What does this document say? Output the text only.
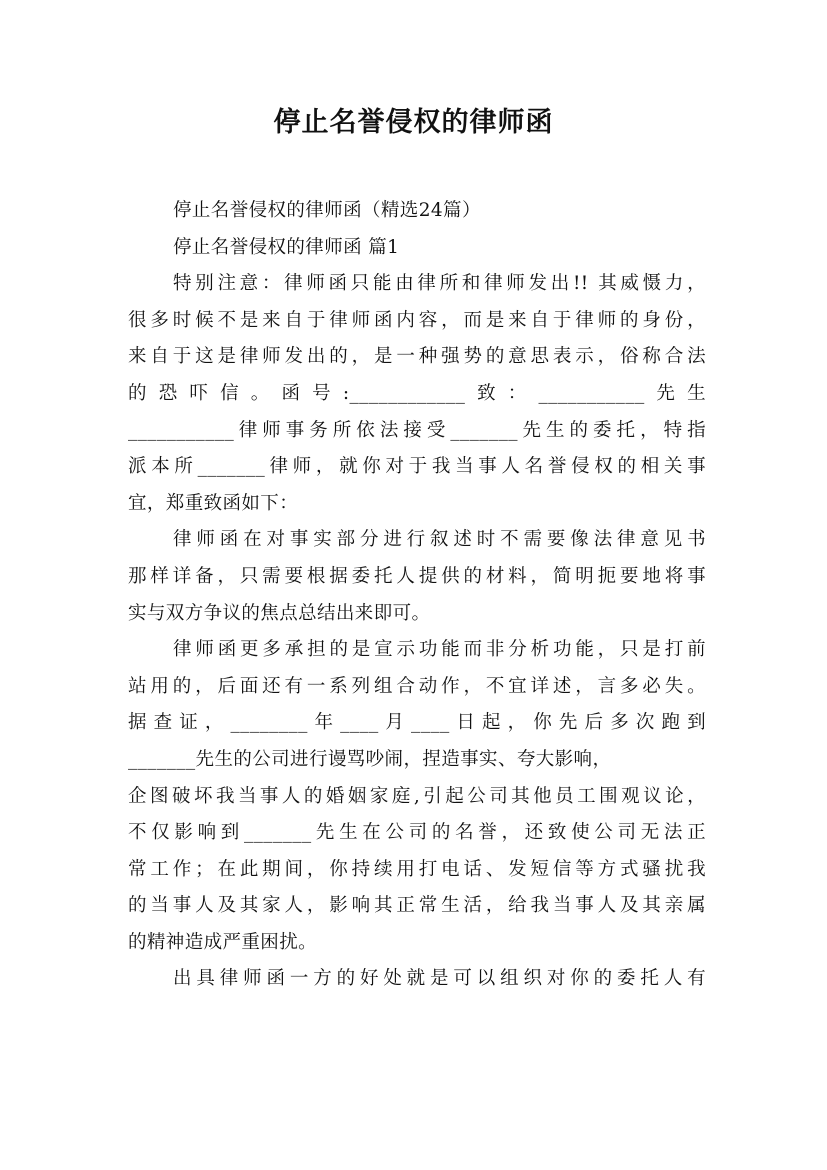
停止名誉侵权的律师函
停止名誉侵权的律师函（精选24篇）
停止名誉侵权的律师函 篇1
特别注意：律师函只能由律所和律师发出!! 其威慑力，
很多时候不是来自于律师函内容，而是来自于律师的身份，
来自于这是律师发出的，是一种强势的意思表示，俗称合法
的恐吓信。函号:____________致：___________先生
___________律师事务所依法接受_______先生的委托，特指
派本所_______律师，就你对于我当事人名誉侵权的相关事
宜，郑重致函如下：
律师函在对事实部分进行叙述时不需要像法律意见书
那样详备，只需要根据委托人提供的材料，简明扼要地将事
实与双方争议的焦点总结出来即可。
律师函更多承担的是宣示功能而非分析功能，只是打前
站用的，后面还有一系列组合动作，不宜详述，言多必失。
据查证，________年____月____日起，你先后多次跑到
_______先生的公司进行谩骂吵闹，捏造事实、夸大影响，
企图破坏我当事人的婚姻家庭,引起公司其他员工围观议论，
不仅影响到_______先生在公司的名誉，还致使公司无法正
常工作；在此期间，你持续用打电话、发短信等方式骚扰我
的当事人及其家人，影响其正常生活，给我当事人及其亲属
的精神造成严重困扰。
出具律师函一方的好处就是可以组织对你的委托人有
